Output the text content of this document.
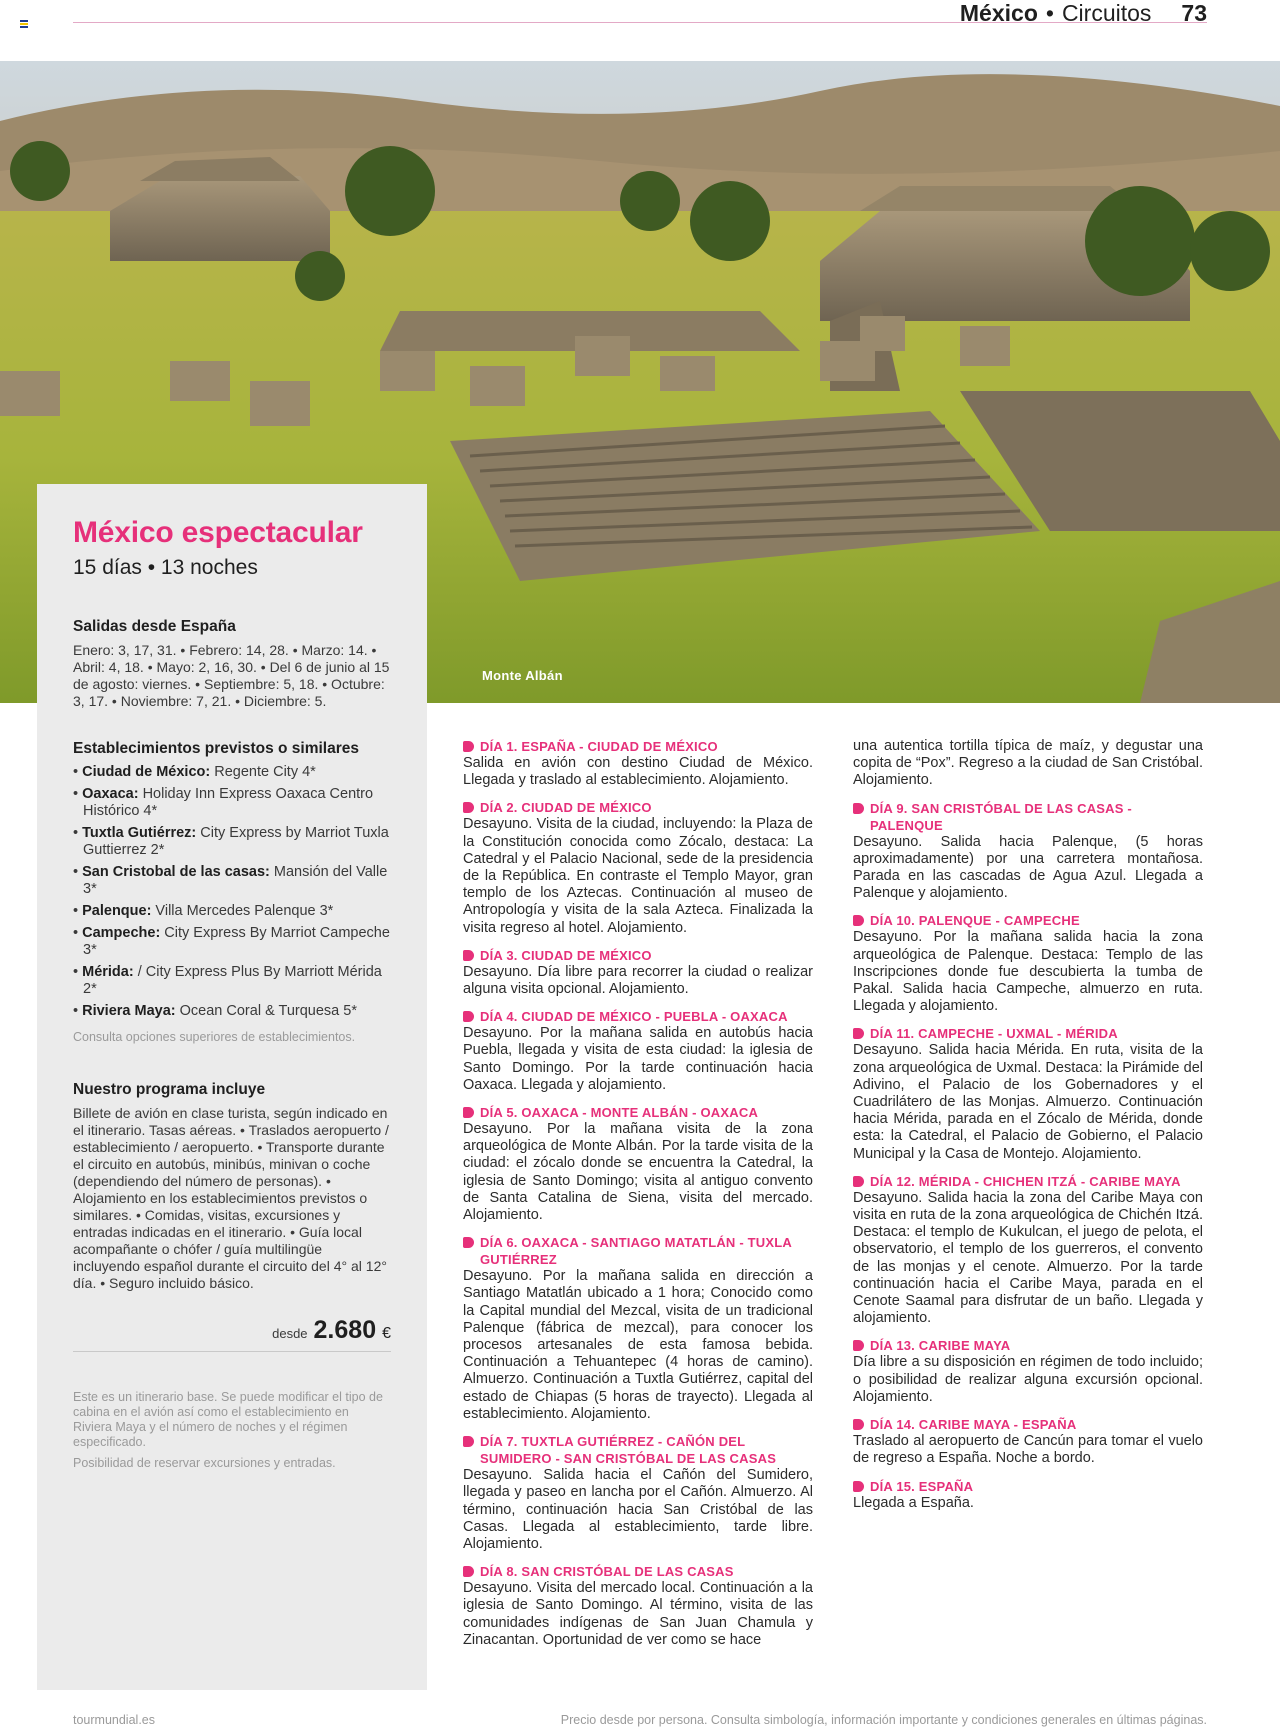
México • Circuitos 73
Monte Albán
México espectacular
15 días • 13 noches
Salidas desde España

Enero: 3, 17, 31. • Febrero: 14, 28. • Marzo: 14. • Abril: 4, 18. • Mayo: 2, 16, 30. • Del 6 de junio al 15 de agosto: viernes. • Septiembre: 5, 18. • Octubre: 3, 17. • Noviembre: 7, 21. • Diciembre: 5.

Establecimientos previstos o similares
• Ciudad de México: Regente City 4*
• Oaxaca: Holiday Inn Express Oaxaca Centro Histórico 4*
• Tuxtla Gutiérrez: City Express by Marriot Tuxla Guttierrez 2*
• San Cristobal de las casas: Mansión del Valle 3*
• Palenque: Villa Mercedes Palenque 3*
• Campeche: City Express By Marriot Campeche 3*
• Mérida: / City Express Plus By Marriott Mérida 2*
• Riviera Maya: Ocean Coral & Turquesa 5*

Consulta opciones superiores de establecimientos.

Nuestro programa incluye

Billete de avión en clase turista, según indicado en el itinerario. Tasas aéreas. • Traslados aeropuerto / establecimiento / aeropuerto. • Transporte durante el circuito en autobús, minibús, minivan o coche (dependiendo del número de personas). • Alojamiento en los establecimientos previstos o similares. • Comidas, visitas, excursiones y entradas indicadas en el itinerario. • Guía local acompañante o chófer / guía multilingüe incluyendo español durante el circuito del 4° al 12° día. • Seguro incluido básico.

desde 2.680 €

Este es un itinerario base. Se puede modificar el tipo de cabina en el avión así como el establecimiento en Riviera Maya y el número de noches y el régimen especificado.

Posibilidad de reservar excursiones y entradas.

DÍA 1. ESPAÑA - CIUDAD DE MÉXICO

Salida en avión con destino Ciudad de México. Llegada y traslado al establecimiento. Alojamiento.

DÍA 2. CIUDAD DE MÉXICO

Desayuno. Visita de la ciudad, incluyendo: la Plaza de la Constitución conocida como Zócalo, destaca: La Catedral y el Palacio Nacional, sede de la presidencia de la República. En contraste el Templo Mayor, gran templo de los Aztecas. Continuación al museo de Antropología y visita de la sala Azteca. Finalizada la visita regreso al hotel. Alojamiento.

DÍA 3. CIUDAD DE MÉXICO

Desayuno. Día libre para recorrer la ciudad o realizar alguna visita opcional. Alojamiento.

DÍA 4. CIUDAD DE MÉXICO - PUEBLA - OAXACA

Desayuno. Por la mañana salida en autobús hacia Puebla, llegada y visita de esta ciudad: la iglesia de Santo Domingo. Por la tarde continuación hacia Oaxaca. Llegada y alojamiento.

DÍA 5. OAXACA - MONTE ALBÁN - OAXACA

Desayuno. Por la mañana visita de la zona arqueológica de Monte Albán. Por la tarde visita de la ciudad: el zócalo donde se encuentra la Catedral, la iglesia de Santo Domingo; visita al antiguo convento de Santa Catalina de Siena, visita del mercado. Alojamiento.

DÍA 6. OAXACA - SANTIAGO MATATLÁN - TUXLA GUTIÉRREZ

Desayuno. Por la mañana salida en dirección a Santiago Matatlán ubicado a 1 hora; Conocido como la Capital mundial del Mezcal, visita de un tradicional Palenque (fábrica de mezcal), para conocer los procesos artesanales de esta famosa bebida. Continuación a Tehuantepec (4 horas de camino). Almuerzo. Continuación a Tuxtla Gutiérrez, capital del estado de Chiapas (5 horas de trayecto). Llegada al establecimiento. Alojamiento.

DÍA 7. TUXTLA GUTIÉRREZ - CAÑÓN DEL SUMIDERO - SAN CRISTÓBAL DE LAS CASAS

Desayuno. Salida hacia el Cañón del Sumidero, llegada y paseo en lancha por el Cañón. Almuerzo. Al término, continuación hacia San Cristóbal de las Casas. Llegada al establecimiento, tarde libre. Alojamiento.

DÍA 8. SAN CRISTÓBAL DE LAS CASAS

Desayuno. Visita del mercado local. Continuación a la iglesia de Santo Domingo. Al término, visita de las comunidades indígenas de San Juan Chamula y Zinacantan. Oportunidad de ver como se hace

una autentica tortilla típica de maíz, y degustar una copita de “Pox”. Regreso a la ciudad de San Cristóbal. Alojamiento.
DÍA 9. SAN CRISTÓBAL DE LAS CASAS - PALENQUE

Desayuno. Salida hacia Palenque, (5 horas aproximadamente) por una carretera montañosa. Parada en las cascadas de Agua Azul. Llegada a Palenque y alojamiento.

DÍA 10. PALENQUE - CAMPECHE

Desayuno. Por la mañana salida hacia la zona arqueológica de Palenque. Destaca: Templo de las Inscripciones donde fue descubierta la tumba de Pakal. Salida hacia Campeche, almuerzo en ruta. Llegada y alojamiento.

DÍA 11. CAMPECHE - UXMAL - MÉRIDA

Desayuno. Salida hacia Mérida. En ruta, visita de la zona arqueológica de Uxmal. Destaca: la Pirámide del Adivino, el Palacio de los Gobernadores y el Cuadrilátero de las Monjas. Almuerzo. Continuación hacia Mérida, parada en el Zócalo de Mérida, donde esta: la Catedral, el Palacio de Gobierno, el Palacio Municipal y la Casa de Montejo. Alojamiento.

DÍA 12. MÉRIDA - CHICHEN ITZÁ - CARIBE MAYA

Desayuno. Salida hacia la zona del Caribe Maya con visita en ruta de la zona arqueológica de Chichén Itzá. Destaca: el templo de Kukulcan, el juego de pelota, el observatorio, el templo de los guerreros, el convento de las monjas y el cenote. Almuerzo. Por la tarde continuación hacia el Caribe Maya, parada en el Cenote Saamal para disfrutar de un baño. Llegada y alojamiento.

DÍA 13. CARIBE MAYA

Día libre a su disposición en régimen de todo incluido; o posibilidad de realizar alguna excursión opcional. Alojamiento.

DÍA 14. CARIBE MAYA - ESPAÑA

Traslado al aeropuerto de Cancún para tomar el vuelo de regreso a España. Noche a bordo.

DÍA 15. ESPAÑA

Llegada a España.

tourmundial.es	Precio desde por persona. Consulta simbología, información importante y condiciones generales en últimas páginas.
